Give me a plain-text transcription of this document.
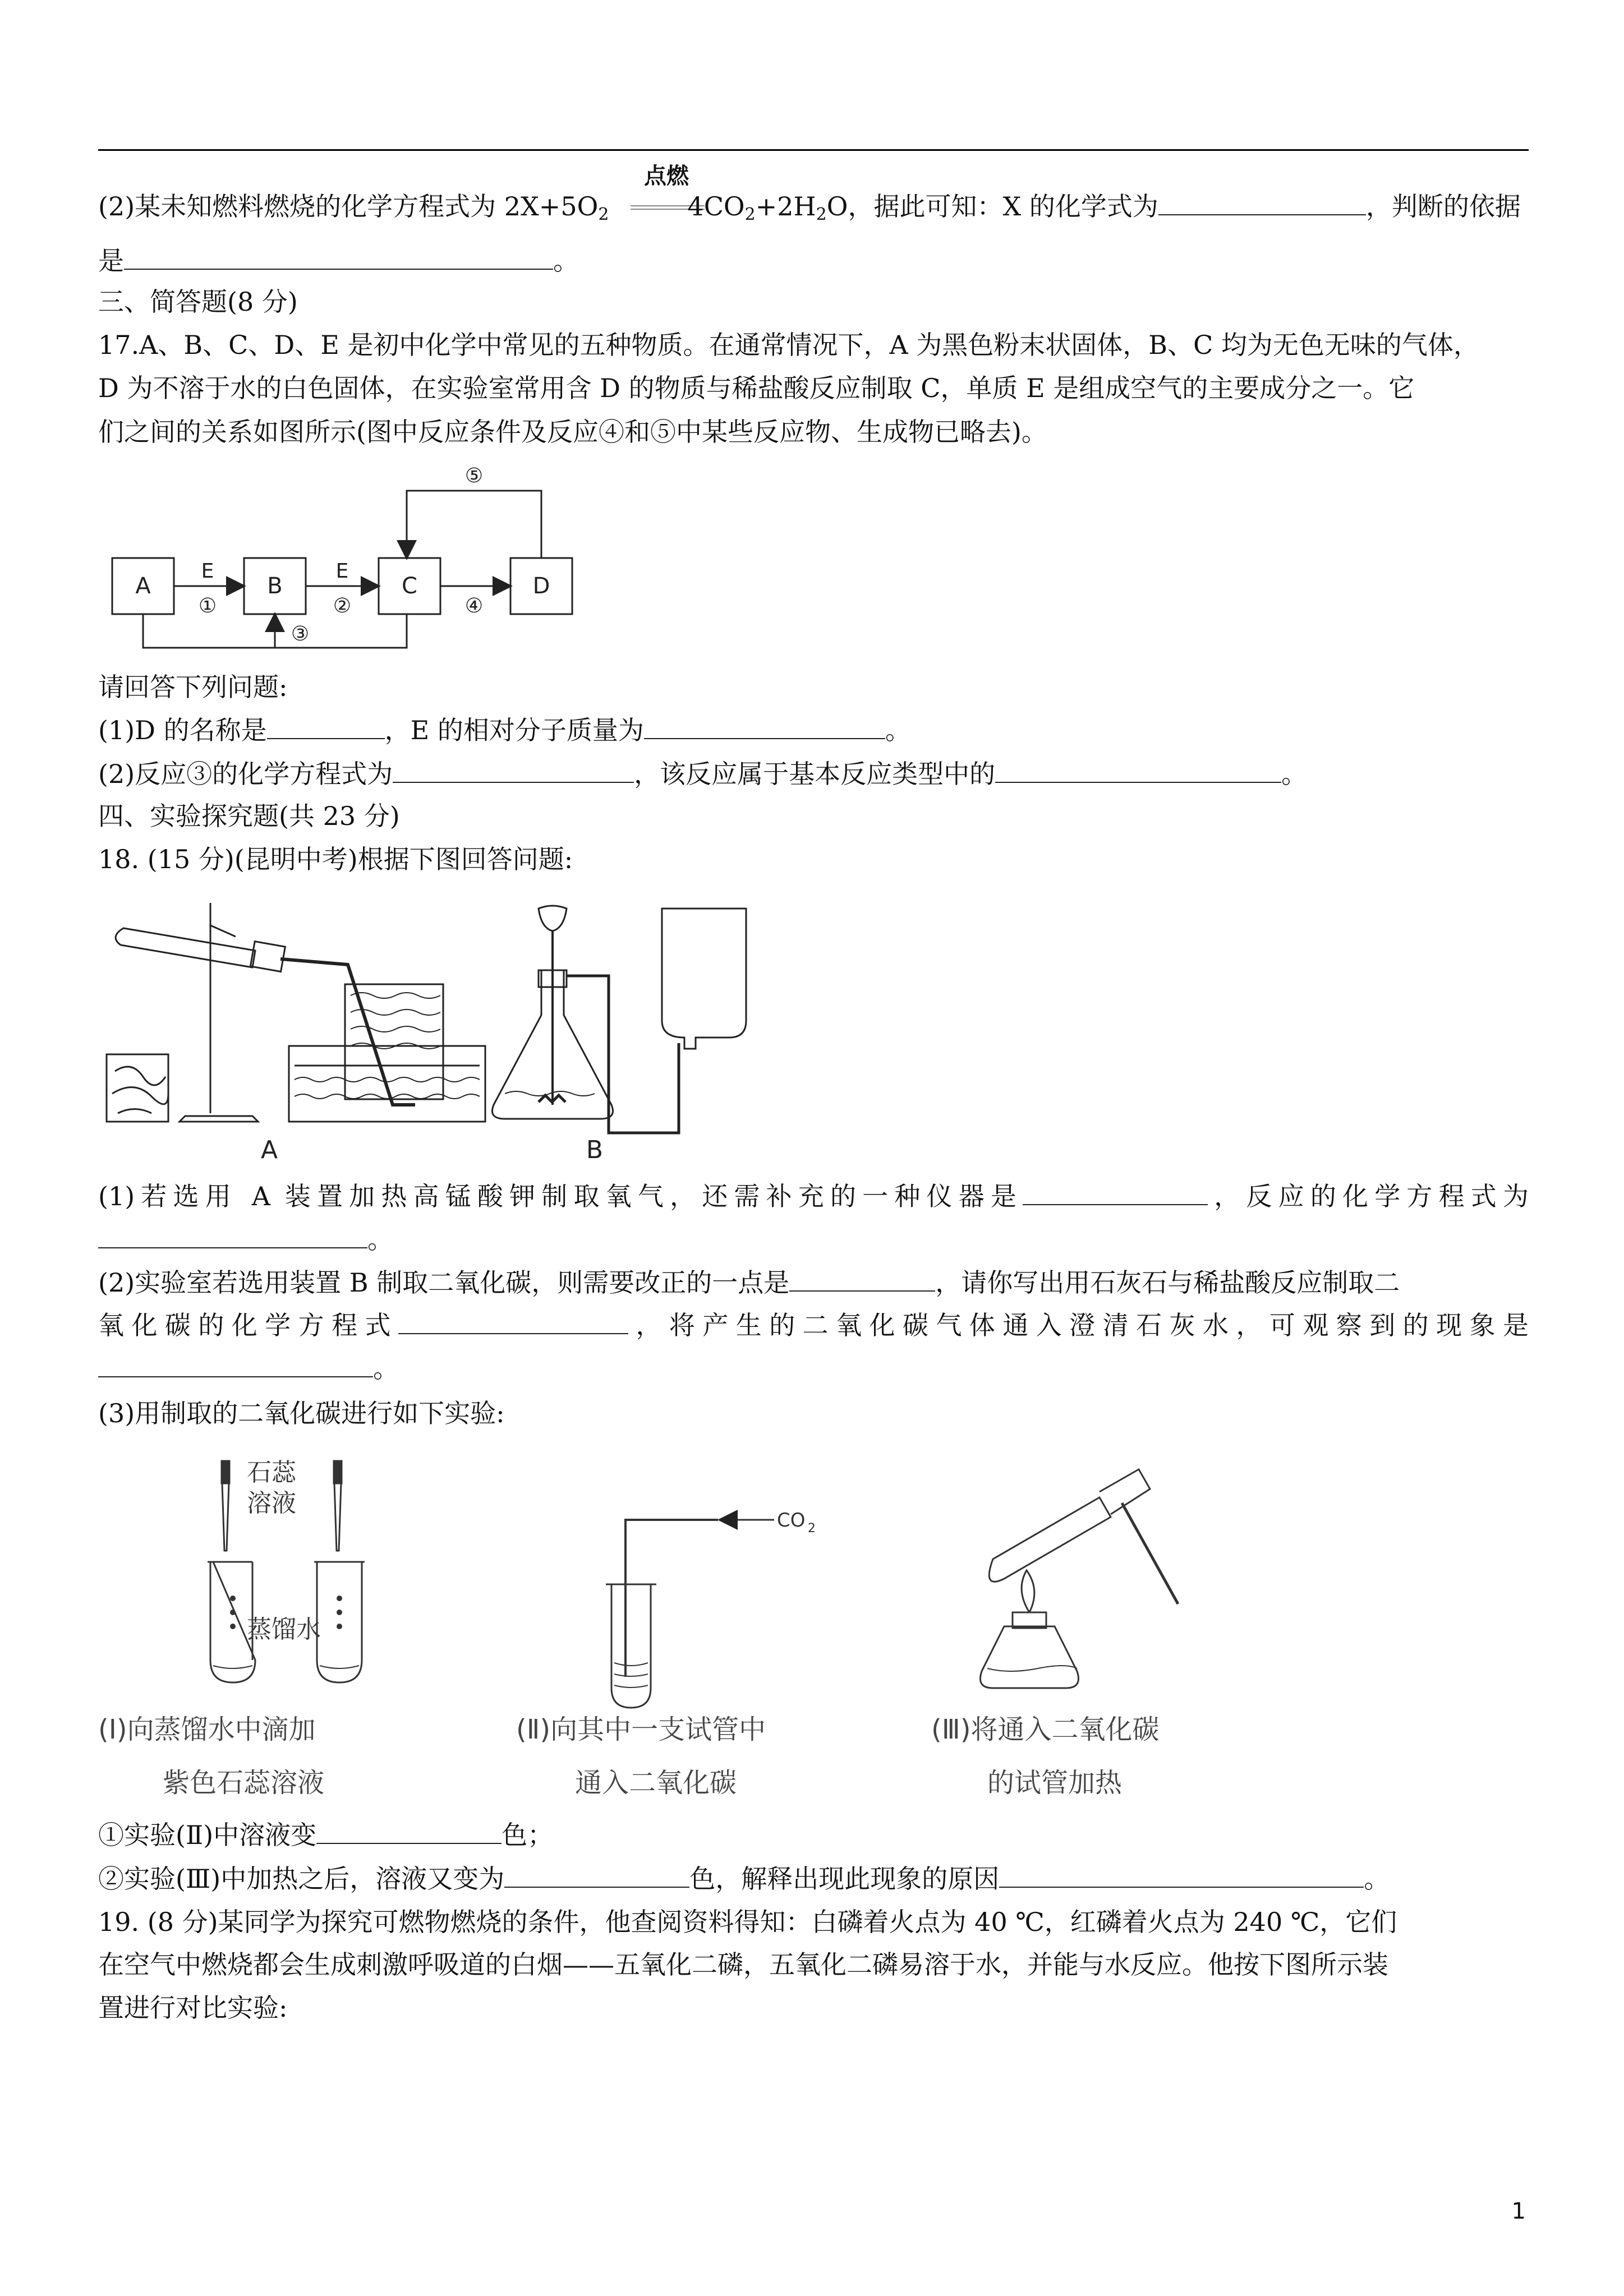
点燃
(2)某未知燃料燃烧的化学方程式为 $2X+5O_2$	$4CO_2+2H_2O$，据此可知：X 的化学式为	，判断的依据
是	。
三、简答题(8 分)
17.A、B、C、D、E 是初中化学中常见的五种物质。在通常情况下，A 为黑色粉末状固体，B、C 均为无色无味的气体，
D 为不溶于水的白色固体，在实验室常用含 D 的物质与稀盐酸反应制取 C，单质 E 是组成空气的主要成分之一。它
们之间的关系如图所示(图中反应条件及反应④和⑤中某些反应物、生成物已略去)。
A	B	C	D
E
①
E
②	④
⑤
③
请回答下列问题:
(1)D 的名称是	，E 的相对分子质量为	。
(2)反应③的化学方程式为	，该反应属于基本反应类型中的	。
四、实验探究题(共 23 分)
18. (15 分)(昆明中考)根据下图回答问题:
A	B
(1)若选用 A 装置加热高锰酸钾制取氧气，还需补充的一种仪器是	，反应的化学方程式为
。
(2)实验室若选用装置 B 制取二氧化碳，则需要改正的一点是	，请你写出用石灰石与稀盐酸反应制取二
氧化碳的化学方程式	，将产生的二氧化碳气体通入澄清石灰水，可观察到的现象是
。
(3)用制取的二氧化碳进行如下实验:
石蕊
溶液
蒸馏水
CO 2
(Ⅰ)向蒸馏水中滴加
紫色石蕊溶液
(Ⅱ)向其中一支试管中
通入二氧化碳
(Ⅲ)将通入二氧化碳
的试管加热
①实验(Ⅱ)中溶液变	色；
②实验(Ⅲ)中加热之后，溶液又变为	色，解释出现此现象的原因	。
19. (8 分)某同学为探究可燃物燃烧的条件，他查阅资料得知：白磷着火点为 40 ℃，红磷着火点为 240 ℃，它们
在空气中燃烧都会生成刺激呼吸道的白烟——五氧化二磷，五氧化二磷易溶于水，并能与水反应。他按下图所示装
置进行对比实验:
1
